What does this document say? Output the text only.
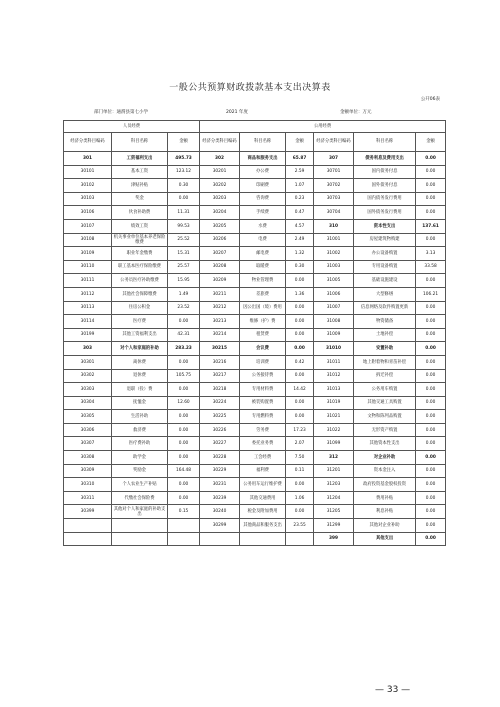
一般公共预算财政拨款基本支出决算表
公开06表
部门单位：通渭县第七小学	2021 年度	金额单位：万元
人员经费			公用经费					
经济分类科目编码	科目名称	金额	经济分类科目编码	科目名称	金额	经济分类科目编码	科目名称	金额
301	工资福利支出	495.73	302	商品和服务支出	65.87	307	债务利息及费用支出	0.00
30101	基本工资	123.12	30201	办公费	2.59	30701	国内债务付息	0.00
30102	津贴补贴	0.30	30202	印刷费	1.07	30702	国外债务付息	0.00
30103	奖金	0.00	30203	咨询费	0.23	30703	国内债务发行费用	0.00
30106	伙食补助费	11.31	30204	手续费	0.47	30704	国外债务发行费用	0.00
30107	绩效工资	99.53	30205	水费	4.57	310	资本性支出	137.61
30108	机关事业单位基本养老保险缴费	25.52	30206	电费	2.49	31001	房屋建筑物购建	0.00
30109	职业年金缴费	15.31	30207	邮电费	1.32	31002	办公设备购置	3.13
30110	职工基本医疗保险缴费	25.57	30208	取暖费	0.30	31003	专用设备购置	33.58
30111	公务员医疗补助缴费	15.95	30209	物业管理费	0.00	31005	基础设施建设	0.00
30112	其他社会保障缴费	1.49	30211	差旅费	1.36	31006	大型修缮	106.21
30113	住房公积金	23.52	30212	因公出国（境）费用	0.00	31007	信息网络及软件购置更新	0.00
30114	医疗费	0.00	30213	维修（护）费	0.00	31008	物资储备	0.00
30199	其他工资福利支出	42.31	30214	租赁费	0.00	31009	土地补偿	0.00
303	对个人和家庭的补助	283.23	30215	会议费	0.00	31010	安置补助	0.00
30301	离休费	0.00	30216	培训费	0.42	31011	地上附着物和青苗补偿	0.00
30302	退休费	105.75	30217	公务接待费	0.00	31012	拆迁补偿	0.00
30303	退职（役）费	0.00	30218	专用材料费	14.42	31013	公务用车购置	0.00
30304	抚恤金	12.60	30224	被装购置费	0.00	31019	其他交通工具购置	0.00
30305	生活补助	0.00	30225	专用燃料费	0.00	31021	文物和陈列品购置	0.00
30306	救济费	0.00	30226	劳务费	17.23	31022	无形资产购置	0.00
30307	医疗费补助	0.00	30227	委托业务费	2.07	31099	其他资本性支出	0.00
30308	助学金	0.00	30228	工会经费	7.50	312	对企业补助	0.00
30309	奖励金	164.48	30229	福利费	0.11	31201	资本金注入	0.00
30310	个人农业生产补贴	0.00	30231	公务用车运行维护费	0.00	31203	政府投资基金股权投资	0.00
30311	代缴社会保险费	0.00	30239	其他交通费用	1.06	31204	费用补贴	0.00
30399	其他对个人和家庭的补助支出	0.15	30240	税金及附加费用	0.00	31205	利息补贴	0.00
			30299	其他商品和服务支出	23.55	31299	其他对企业补助	0.00
						399	其他支出	0.00
— 33 —
